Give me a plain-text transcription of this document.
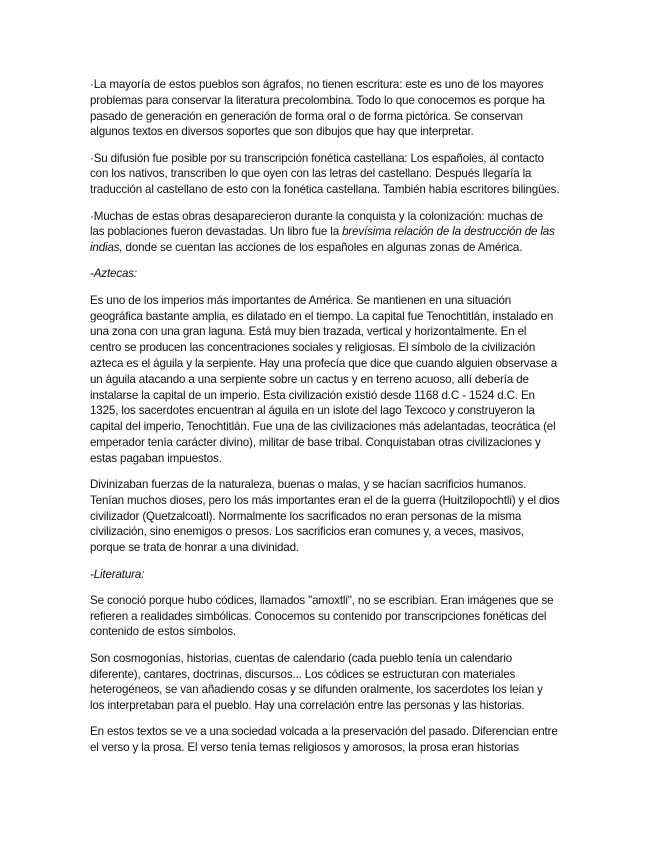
·La mayoría de estos pueblos son ágrafos, no tienen escritura: este es uno de los mayores problemas para conservar la literatura precolombina. Todo lo que conocemos es porque ha pasado de generación en generación de forma oral o de forma pictórica. Se conservan algunos textos en diversos soportes que son dibujos que hay que interpretar.

·Su difusión fue posible por su transcripción fonética castellana: Los españoles, al contacto con los nativos, transcriben lo que oyen con las letras del castellano. Después llegaría la traducción al castellano de esto con la fonética castellana. También había escritores bilingües.

·Muchas de estas obras desaparecieron durante la conquista y la colonización: muchas de las poblaciones fueron devastadas. Un libro fue la brevísima relación de la destrucción de las indias, donde se cuentan las acciones de los españoles en algunas zonas de América.

-Aztecas:

Es uno de los imperios más importantes de América. Se mantienen en una situación geográfica bastante amplia, es dilatado en el tiempo. La capital fue Tenochtitlán, instalado en una zona con una gran laguna. Está muy bien trazada, vertical y horizontalmente. En el centro se producen las concentraciones sociales y religiosas. El símbolo de la civilización azteca es el águila y la serpiente. Hay una profecía que dice que cuando alguien observase a un águila atacando a una serpiente sobre un cactus y en terreno acuoso, allí debería de instalarse la capital de un imperio. Esta civilización existió desde 1168 d.C - 1524 d.C. En 1325, los sacerdotes encuentran al águila en un islote del lago Texcoco y construyeron la capital del imperio, Tenochtitlán. Fue una de las civilizaciones más adelantadas, teocrática (el emperador tenía carácter divino), militar de base tribal. Conquistaban otras civilizaciones y estas pagaban impuestos.

Divinizaban fuerzas de la naturaleza, buenas o malas, y se hacían sacrificios humanos. Tenían muchos dioses, pero los más importantes eran el de la guerra (Huitzilopochtli) y el dios civilizador (Quetzalcoatl). Normalmente los sacrificados no eran personas de la misma civilización, sino enemigos o presos. Los sacrificios eran comunes y, a veces, masivos, porque se trata de honrar a una divinidad.

-Literatura:

Se conoció porque hubo códices, llamados "amoxtli", no se escribían. Eran imágenes que se refieren a realidades simbólicas. Conocemos su contenido por transcripciones fonéticas del contenido de estos símbolos.

Son cosmogonías, historias, cuentas de calendario (cada pueblo tenía un calendario diferente), cantares, doctrinas, discursos... Los códices se estructuran con materiales heterogéneos, se van añadiendo cosas y se difunden oralmente, los sacerdotes los leían y los interpretaban para el pueblo. Hay una correlación entre las personas y las historias.

En estos textos se ve a una sociedad volcada a la preservación del pasado. Diferencian entre el verso y la prosa. El verso tenía temas religiosos y amorosos, la prosa eran historias
